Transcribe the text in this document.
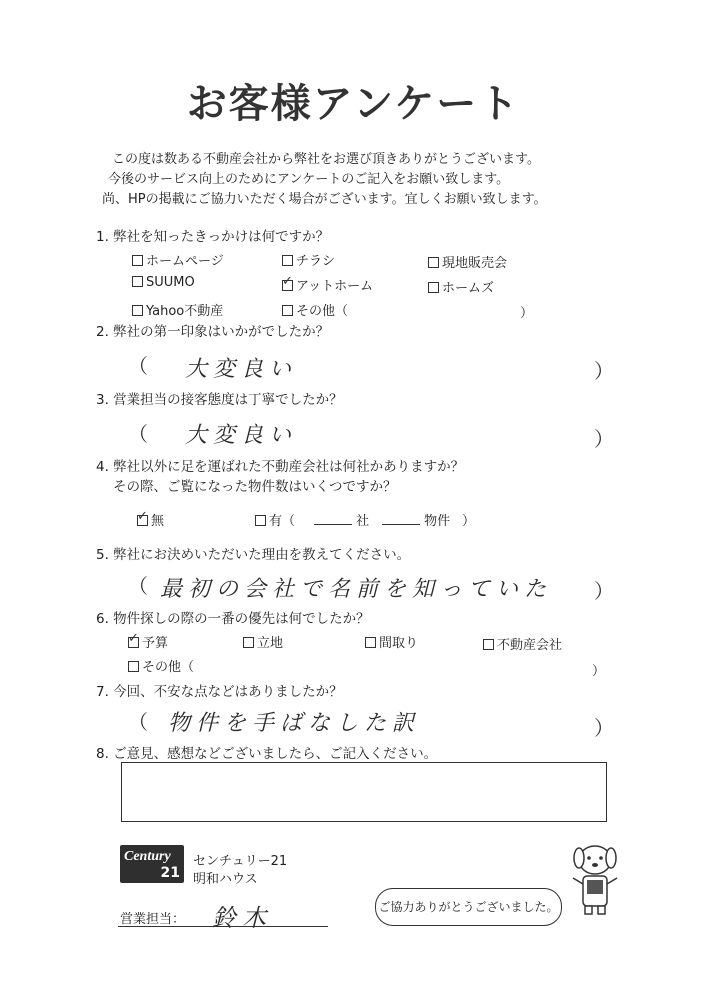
お客様アンケート
この度は数ある不動産会社から弊社をお選び頂きありがとうございます。
今後のサービス向上のためにアンケートのご記入をお願い致します。
尚、HPの掲載にご協力いただく場合がございます。宜しくお願い致します。
1. 弊社を知ったきっかけは何ですか？
ホームページ	チラシ	現地販売会
SUUMO
✓	アットホーム	ホームズ
Yahoo不動産	その他（	）
2. 弊社の第一印象はいかがでしたか？
（ 大変良い	）
3. 営業担当の接客態度は丁寧でしたか？
（ 大変良い	）
4. 弊社以外に足を運ばれた不動産会社は何社かありますか？
その際、ご覧になった物件数はいくつですか？
✓無	有（	社	物件 ）
5. 弊社にお決めいただいた理由を教えてください。
（ 最初の会社で名前を知っていた ）
6. 物件探しの際の一番の優先は何でしたか？
✓予算	立地	間取り	不動産会社
その他（	）
7. 今回、不安な点などはありましたか？
（ 物件を手ばなした訳	）
8. ご意見、感想などございましたら、ご記入ください。
Century
21
センチュリー21
明和ハウス
営業担当： 鈴木	ご協力ありがとうございました。
